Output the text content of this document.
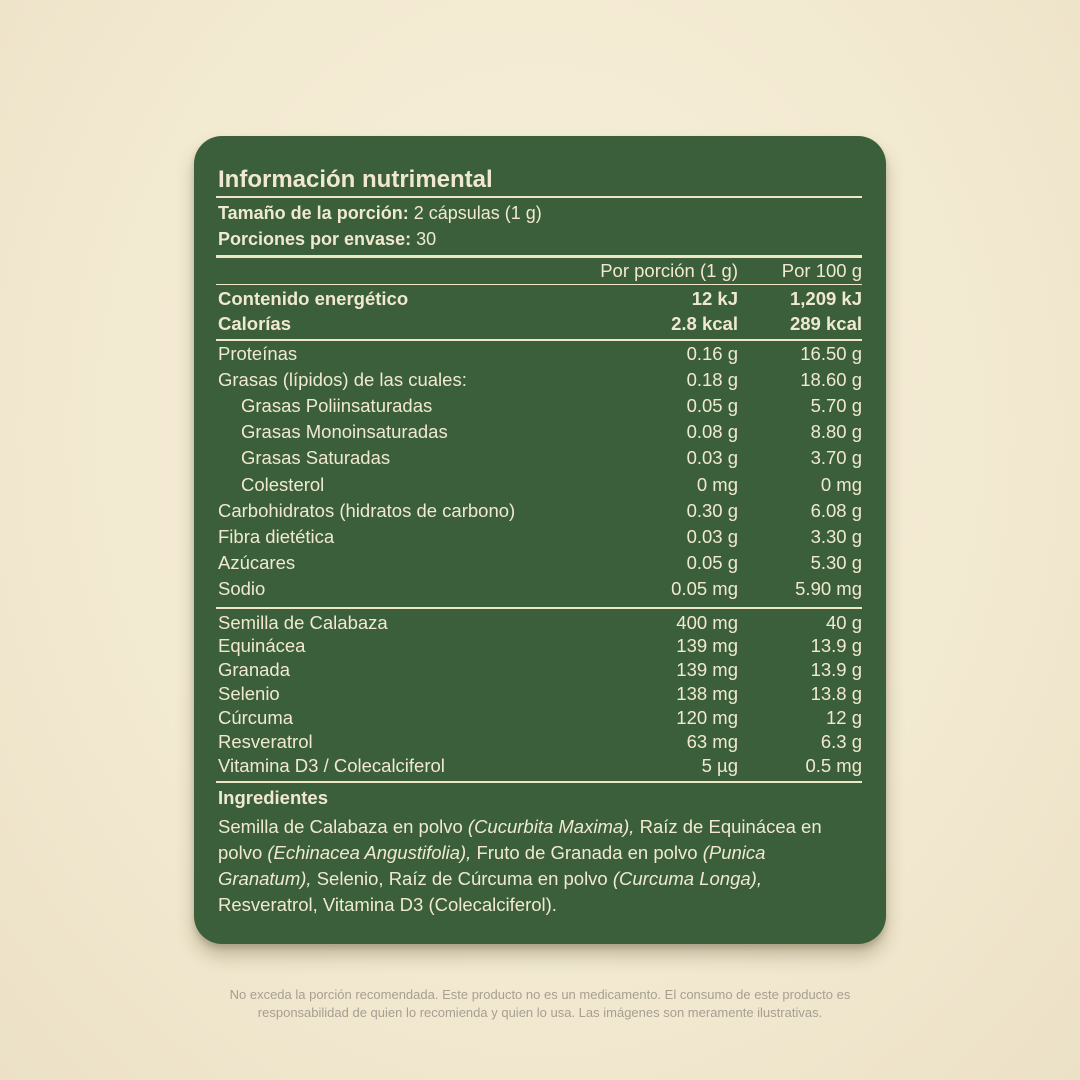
Información nutrimental
Tamaño de la porción: 2 cápsulas (1 g)
Porciones por envase: 30
Por porción (1 g) Por 100 g
Contenido energético	12 kJ	1,209 kJ
Calorías	2.8 kcal	289 kcal
Proteínas	0.16 g	16.50 g
Grasas (lípidos) de las cuales:	0.18 g	18.60 g
Grasas Poliinsaturadas	0.05 g	5.70 g
Grasas Monoinsaturadas	0.08 g	8.80 g
Grasas Saturadas	0.03 g	3.70 g
Colesterol	0 mg	0 mg
Carbohidratos (hidratos de carbono)	0.30 g	6.08 g
Fibra dietética	0.03 g	3.30 g
Azúcares	0.05 g	5.30 g
Sodio	0.05 mg	5.90 mg
Semilla de Calabaza	400 mg	40 g
Equinácea	139 mg	13.9 g
Granada	139 mg	13.9 g
Selenio	138 mg	13.8 g
Cúrcuma	120 mg	12 g
Resveratrol	63 mg	6.3 g
Vitamina D3 / Colecalciferol	5 µg	0.5 mg
Ingredientes
Semilla de Calabaza en polvo (Cucurbita Maxima), Raíz de Equinácea en polvo (Echinacea Angustifolia), Fruto de Granada en polvo (Punica Granatum), Selenio, Raíz de Cúrcuma en polvo (Curcuma Longa), Resveratrol, Vitamina D3 (Colecalciferol).
No exceda la porción recomendada. Este producto no es un medicamento. El consumo de este producto es
responsabilidad de quien lo recomienda y quien lo usa. Las imágenes son meramente ilustrativas.
